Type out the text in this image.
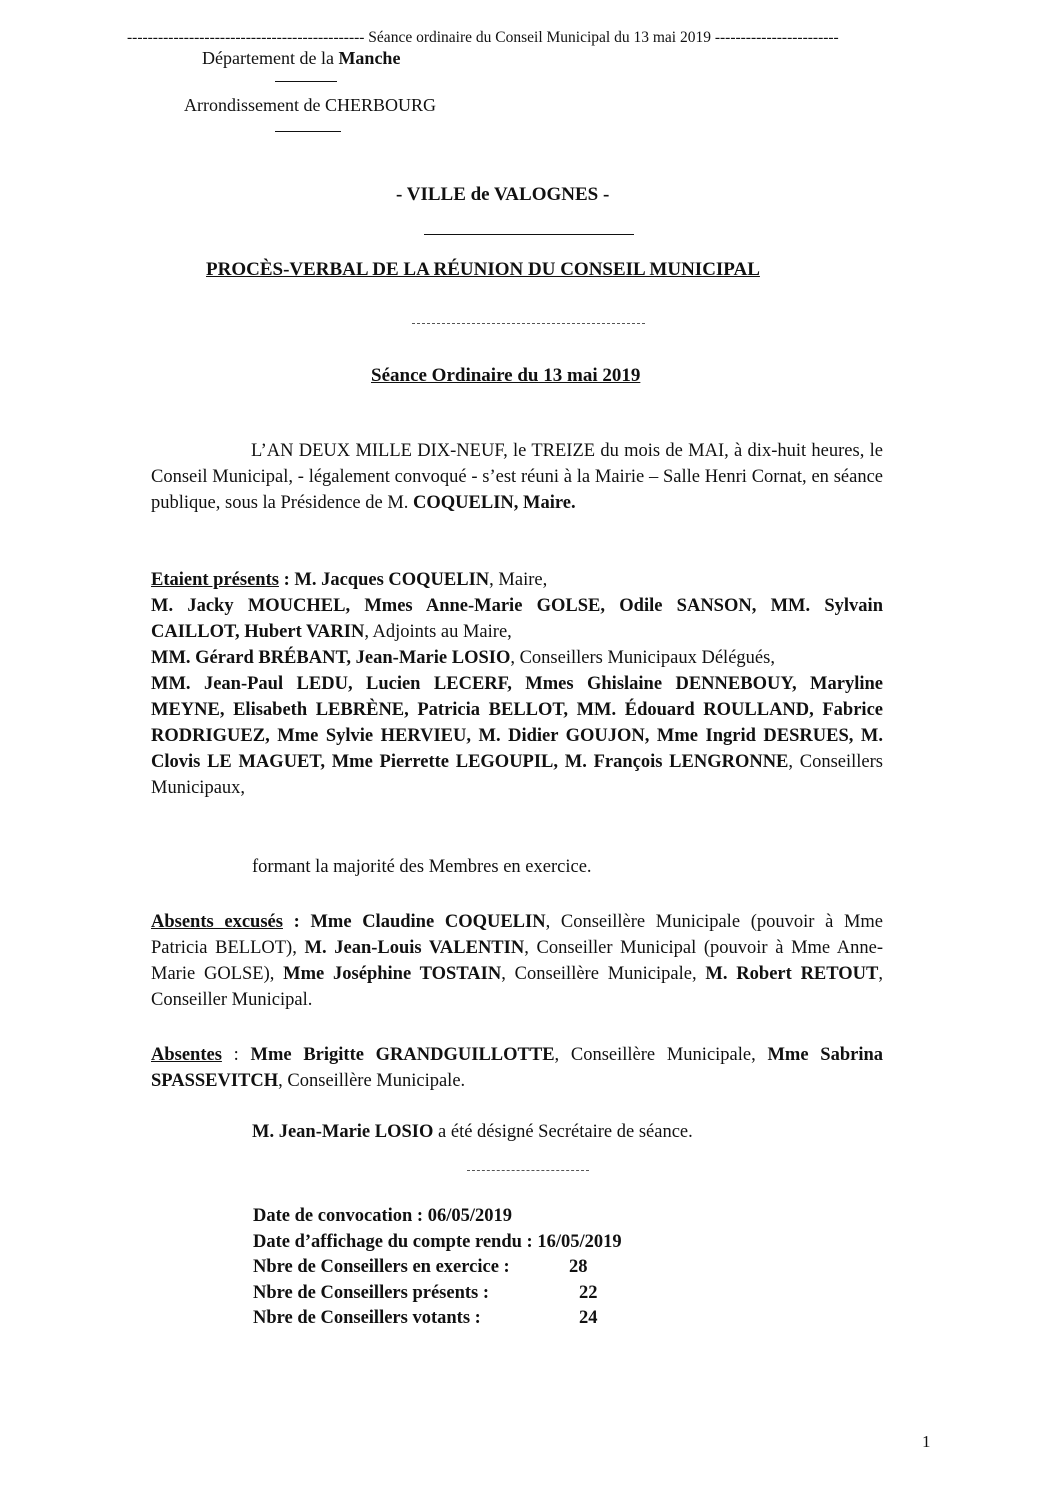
---------------------------------------------- Séance ordinaire du Conseil Municipal du 13 mai 2019 ------------------------
Département de la Manche
Arrondissement de CHERBOURG
- VILLE de VALOGNES -
PROCÈS-VERBAL DE LA RÉUNION DU CONSEIL MUNICIPAL
Séance Ordinaire du 13 mai 2019
L’AN DEUX MILLE DIX-NEUF, le TREIZE du mois de MAI, à dix-huit heures, le Conseil Municipal, - légalement convoqué - s’est réuni à la Mairie – Salle Henri Cornat, en séance publique, sous la Présidence de M. COQUELIN, Maire.
Etaient présents : M. Jacques COQUELIN, Maire,
M. Jacky MOUCHEL, Mmes Anne-Marie GOLSE, Odile SANSON, MM. Sylvain CAILLOT, Hubert VARIN, Adjoints au Maire,
MM. Gérard BRÉBANT, Jean-Marie LOSIO, Conseillers Municipaux Délégués,
MM. Jean-Paul LEDU, Lucien LECERF, Mmes Ghislaine DENNEBOUY, Maryline MEYNE, Elisabeth LEBRÈNE, Patricia BELLOT, MM. Édouard ROULLAND, Fabrice RODRIGUEZ, Mme Sylvie HERVIEU, M. Didier GOUJON, Mme Ingrid DESRUES, M. Clovis LE MAGUET, Mme Pierrette LEGOUPIL, M. François LENGRONNE, Conseillers Municipaux,
formant la majorité des Membres en exercice.
Absents excusés : Mme Claudine COQUELIN, Conseillère Municipale (pouvoir à Mme Patricia BELLOT), M. Jean-Louis VALENTIN, Conseiller Municipal (pouvoir à Mme Anne-Marie GOLSE), Mme Joséphine TOSTAIN, Conseillère Municipale, M. Robert RETOUT, Conseiller Municipal.
Absentes : Mme Brigitte GRANDGUILLOTTE, Conseillère Municipale, Mme Sabrina SPASSEVITCH, Conseillère Municipale.
M. Jean-Marie LOSIO a été désigné Secrétaire de séance.
Date de convocation : 06/05/2019
Date d’affichage du compte rendu : 16/05/2019
Nbre de Conseillers en exercice :	28
Nbre de Conseillers présents :	22
Nbre de Conseillers votants :	24
1
